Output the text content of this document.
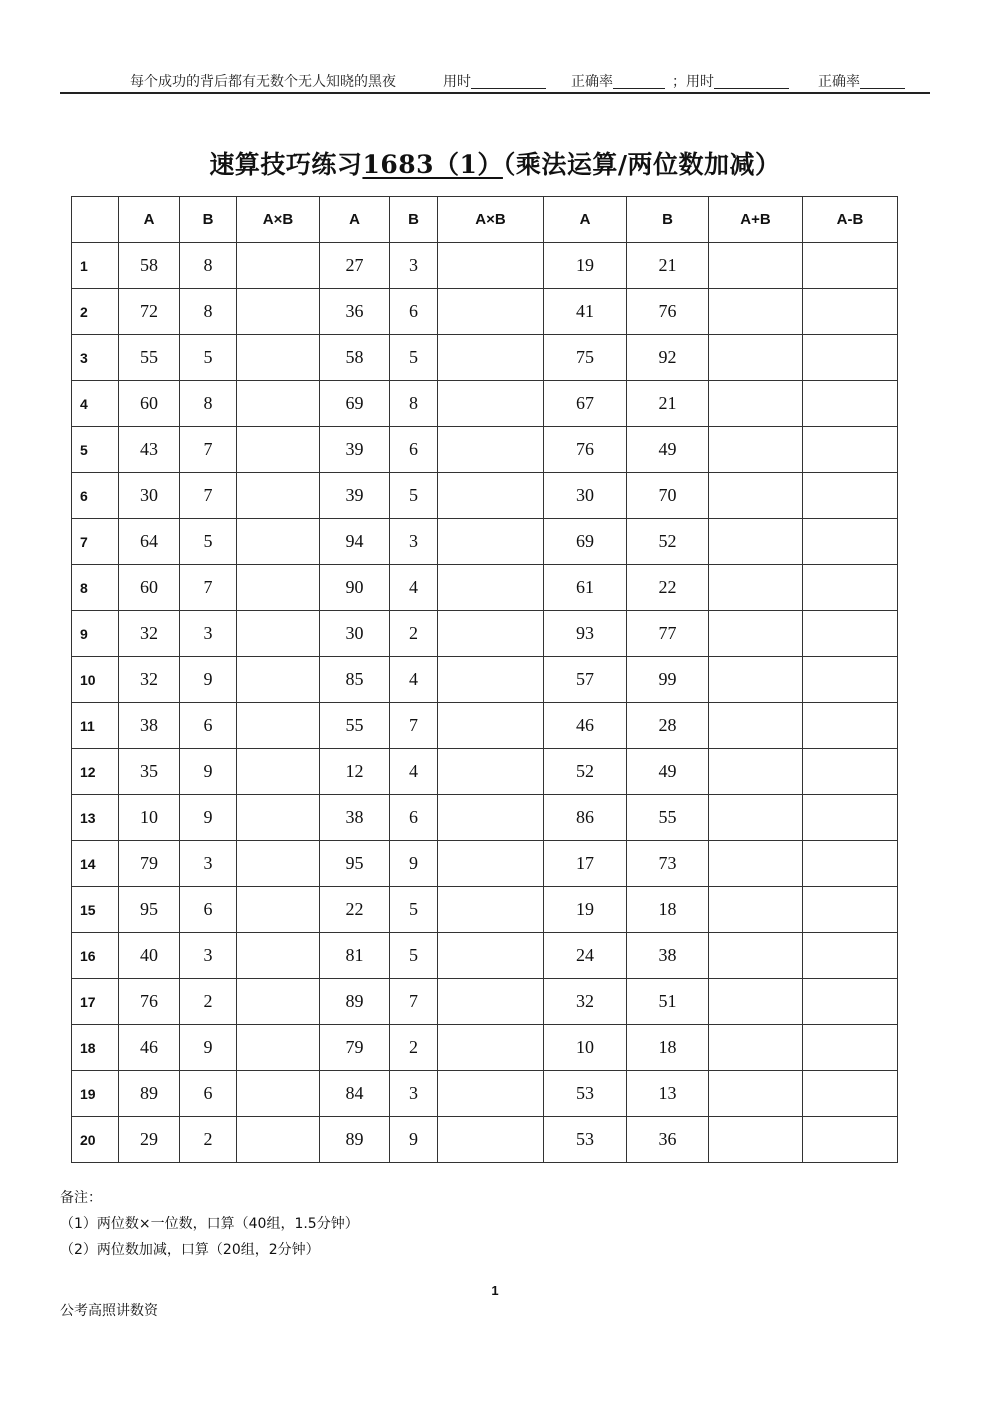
每个成功的背后都有无数个无人知晓的黑夜	用时	正确率	；用时	正确率
速算技巧练习1683（1）（乘法运算/两位数加减）
	A	B	A×B	A	B	A×B	A	B	A+B	A-B
1	58	8		27	3		19	21		
2	72	8		36	6		41	76		
3	55	5		58	5		75	92		
4	60	8		69	8		67	21		
5	43	7		39	6		76	49		
6	30	7		39	5		30	70		
7	64	5		94	3		69	52		
8	60	7		90	4		61	22		
9	32	3		30	2		93	77		
10	32	9		85	4		57	99		
11	38	6		55	7		46	28		
12	35	9		12	4		52	49		
13	10	9		38	6		86	55		
14	79	3		95	9		17	73		
15	95	6		22	5		19	18		
16	40	3		81	5		24	38		
17	76	2		89	7		32	51		
18	46	9		79	2		10	18		
19	89	6		84	3		53	13		
20	29	2		89	9		53	36		
备注：
（1）两位数×一位数，口算（40组，1.5分钟）
（2）两位数加减，口算（20组，2分钟）
1
公考高照讲数资
